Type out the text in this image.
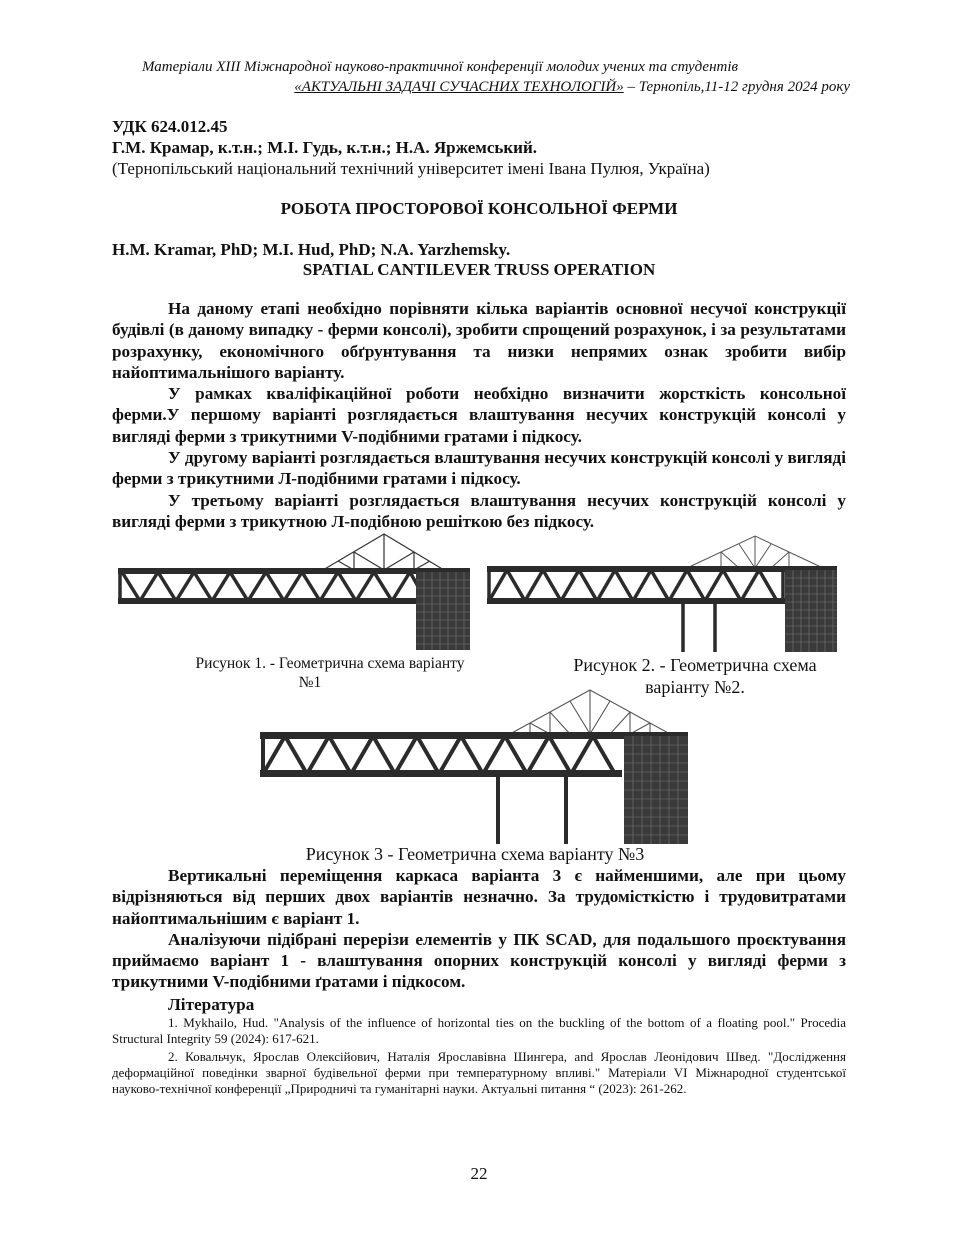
Матеріали XIII Міжнародної науково-практичної конференції молодих учених та студентів
«АКТУАЛЬНІ ЗАДАЧІ СУЧАСНИХ ТЕХНОЛОГІЙ» – Тернопіль,11-12 грудня 2024 року
УДК 624.012.45
Г.М. Крамар, к.т.н.; М.І. Гудь, к.т.н.; Н.А. Яржемський.
(Тернопільський національний технічний університет імені Івана Пулюя, Україна)
РОБОТА ПРОСТОРОВОЇ КОНСОЛЬНОЇ ФЕРМИ
H.M. Kramar, PhD; M.I. Hud, PhD; N.A. Yarzhemsky.
SPATIAL CANTILEVER TRUSS OPERATION

На даному етапі необхідно порівняти кілька варіантів основної несучої конструкції будівлі (в даному випадку - ферми консолі), зробити спрощений розрахунок, і за результатами розрахунку, економічного обґрунтування та низки непрямих ознак зробити вибір найоптимальнішого варіанту.

У рамках кваліфікаційної роботи необхідно визначити жорсткість консольної ферми.У першому варіанті розглядається влаштування несучих конструкцій консолі у вигляді ферми з трикутними V-подібними гратами і підкосу.

У другому варіанті розглядається влаштування несучих конструкцій консолі у вигляді ферми з трикутними Л-подібними гратами і підкосу.

У третьому варіанті розглядається влаштування несучих конструкцій консолі у вигляді ферми з трикутною Л-подібною решіткою без підкосу.

Рисунок 1. - Геометрична схема варіанту
№1
Рисунок 2. - Геометрична схема
варіанту №2.
Рисунок 3 - Геометрична схема варіанту №3

Вертикальні переміщення каркаса варіанта 3 є найменшими, але при цьому відрізняються від перших двох варіантів незначно. За трудомісткістю і трудовитратами найоптимальнішим є варіант 1.

Аналізуючи підібрані перерізи елементів у ПК SCAD, для подальшого проєктування приймаємо варіант 1 - влаштування опорних конструкцій консолі у вигляді ферми з трикутними V-подібними ґратами і підкосом.

Література

1. Mykhailo, Hud. "Analysis of the influence of horizontal ties on the buckling of the bottom of a floating pool." Procedia Structural Integrity 59 (2024): 617-621.

2. Ковальчук, Ярослав Олексійович, Наталія Ярославівна Шингера, and Ярослав Леонідович Швед. "Дослідження деформаційної поведінки зварної будівельної ферми при температурному впливі." Матеріали VI Міжнародної студентської науково-технічної конференції „Природничі та гуманітарні науки. Актуальні питання “ (2023): 261-262.

22
